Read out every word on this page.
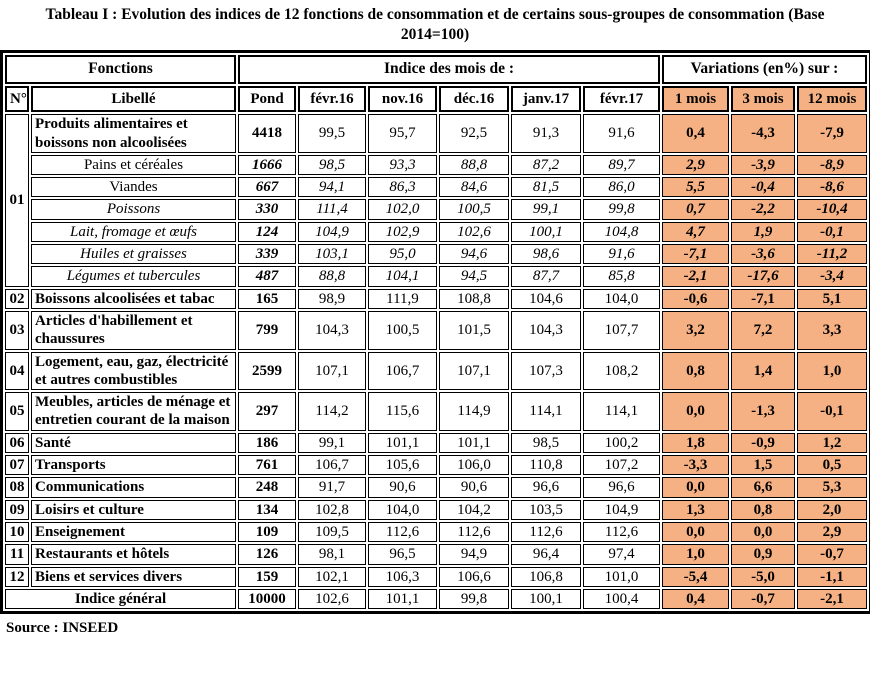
Tableau I : Evolution des indices de 12 fonctions de consommation et de certains sous-groupes de consommation (Base 2014=100)
Fonctions		Indice des mois de :						Variations (en%) sur :		
N°	Libellé	Pond	févr.16	nov.16	déc.16	janv.17	févr.17	1 mois	3 mois	12 mois
01	Produits alimentaires et boissons non alcoolisées	4418	99,5	95,7	92,5	91,3	91,6	0,4	-4,3	-7,9
	Pains et céréales	1666	98,5	93,3	88,8	87,2	89,7	2,9	-3,9	-8,9
	Viandes	667	94,1	86,3	84,6	81,5	86,0	5,5	-0,4	-8,6
	Poissons	330	111,4	102,0	100,5	99,1	99,8	0,7	-2,2	-10,4
	Lait, fromage et œufs	124	104,9	102,9	102,6	100,1	104,8	4,7	1,9	-0,1
	Huiles et graisses	339	103,1	95,0	94,6	98,6	91,6	-7,1	-3,6	-11,2
	Légumes et tubercules	487	88,8	104,1	94,5	87,7	85,8	-2,1	-17,6	-3,4
02	Boissons alcoolisées et tabac	165	98,9	111,9	108,8	104,6	104,0	-0,6	-7,1	5,1
03	Articles d'habillement et chaussures	799	104,3	100,5	101,5	104,3	107,7	3,2	7,2	3,3
04	Logement, eau, gaz, électricité et autres combustibles	2599	107,1	106,7	107,1	107,3	108,2	0,8	1,4	1,0
05	Meubles, articles de ménage et entretien courant de la maison	297	114,2	115,6	114,9	114,1	114,1	0,0	-1,3	-0,1
06	Santé	186	99,1	101,1	101,1	98,5	100,2	1,8	-0,9	1,2
07	Transports	761	106,7	105,6	106,0	110,8	107,2	-3,3	1,5	0,5
08	Communications	248	91,7	90,6	90,6	96,6	96,6	0,0	6,6	5,3
09	Loisirs et culture	134	102,8	104,0	104,2	103,5	104,9	1,3	0,8	2,0
10	Enseignement	109	109,5	112,6	112,6	112,6	112,6	0,0	0,0	2,9
11	Restaurants et hôtels	126	98,1	96,5	94,9	96,4	97,4	1,0	0,9	-0,7
12	Biens et services divers	159	102,1	106,3	106,6	106,8	101,0	-5,4	-5,0	-1,1
Indice général		10000	102,6	101,1	99,8	100,1	100,4	0,4	-0,7	-2,1
Source : INSEED
